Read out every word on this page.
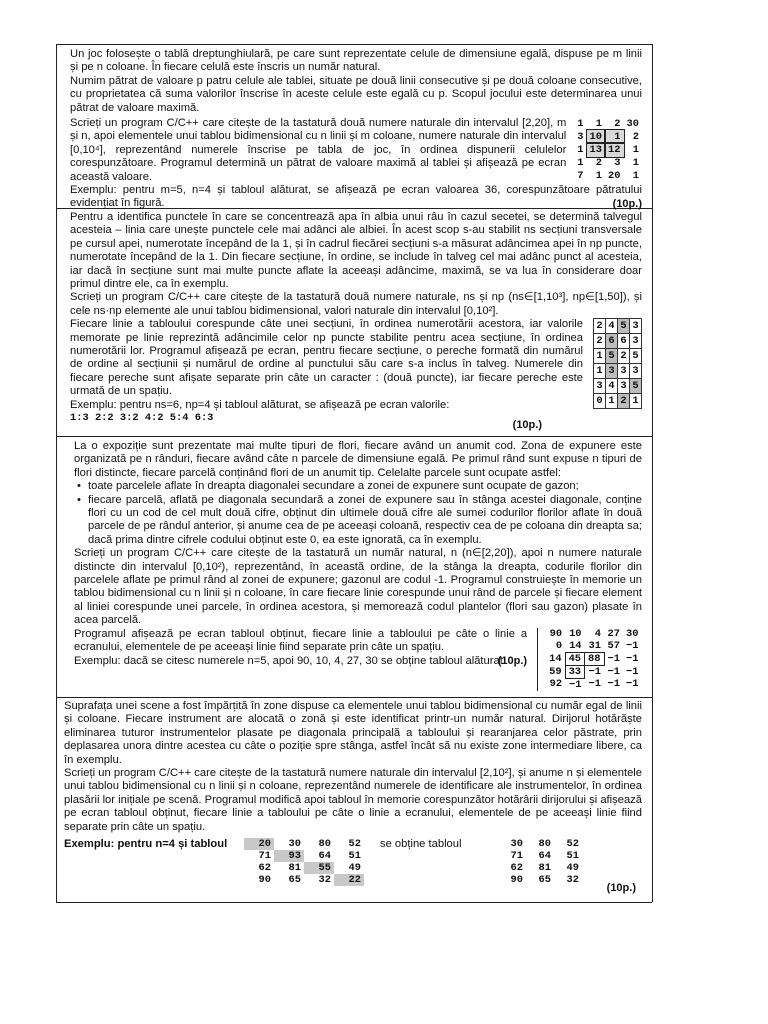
Un joc folosește o tablă dreptunghiulară, pe care sunt reprezentate celule de dimensiune egală, dispuse pe m linii și pe n coloane. În fiecare celulă este înscris un număr natural.

Numim pătrat de valoare p patru celule ale tablei, situate pe două linii consecutive și pe două coloane consecutive, cu proprietatea că suma valorilor înscrise în aceste celule este egală cu p. Scopul jocului este determinarea unui pătrat de valoare maximă.

Scrieți un program C/C++ care citește de la tastatură două numere naturale din intervalul [2,20], m și n, apoi elementele unui tablou bidimensional cu n linii și m coloane, numere naturale din intervalul [0,10⁴], reprezentând numerele înscrise pe tabla de joc, în ordinea dispunerii celulelor corespunzătoare. Programul determină un pătrat de valoare maximă al tablei și afișează pe ecran această valoare.

1	1	2	30
3	10	1	2
1	13	12	1
1	2	3	1
7	1	20	1

Exemplu: pentru m=5, n=4 și tabloul alăturat, se afișează pe ecran valoarea 36, corespunzătoare pătratului evidențiat în figură.	(10p.)

Pentru a identifica punctele în care se concentrează apa în albia unui râu în cazul secetei, se determină talvegul acesteia – linia care unește punctele cele mai adânci ale albiei. În acest scop s-au stabilit ns secțiuni transversale pe cursul apei, numerotate începând de la 1, și în cadrul fiecărei secțiuni s-a măsurat adâncimea apei în np puncte, numerotate începând de la 1. Din fiecare secțiune, în ordine, se include în talveg cel mai adânc punct al acesteia, iar dacă în secțiune sunt mai multe puncte aflate la aceeași adâncime, maximă, se va lua în considerare doar primul dintre ele, ca în exemplu.

Scrieți un program C/C++ care citește de la tastatură două numere naturale, ns și np (ns∈[1,10³], np∈[1,50]), și cele ns·np elemente ale unui tablou bidimensional, valori naturale din intervalul [0,10²].

Fiecare linie a tabloului corespunde câte unei secțiuni, în ordinea numerotării acestora, iar valorile memorate pe linie reprezintă adâncimile celor np puncte stabilite pentru acea secțiune, în ordinea numerotării lor. Programul afișează pe ecran, pentru fiecare secțiune, o pereche formată din numărul de ordine al secțiunii și numărul de ordine al punctului său care s-a inclus în talveg. Numerele din fiecare pereche sunt afișate separate prin câte un caracter : (două puncte), iar fiecare pereche este urmată de un spațiu.

Exemplu: pentru ns=6, np=4 și tabloul alăturat, se afișează pe ecran valorile:

1:3 2:2 3:2 4:2 5:4 6:3
2	4	5	3
2	6	6	3
1	5	2	5
1	3	3	3
3	4	3	5
0	1	2	1
(10p.)

La o expoziție sunt prezentate mai multe tipuri de flori, fiecare având un anumit cod. Zona de expunere este organizată pe n rânduri, fiecare având câte n parcele de dimensiune egală. Pe primul rând sunt expuse n tipuri de flori distincte, fiecare parcelă conținând flori de un anumit tip. Celelalte parcele sunt ocupate astfel:

• toate parcelele aflate în dreapta diagonalei secundare a zonei de expunere sunt ocupate de gazon;

• fiecare parcelă, aflată pe diagonala secundară a zonei de expunere sau în stânga acestei diagonale, conține flori cu un cod de cel mult două cifre, obținut din ultimele două cifre ale sumei codurilor florilor aflate în două parcele de pe rândul anterior, și anume cea de pe aceeași coloană, respectiv cea de pe coloana din dreapta sa; dacă prima dintre cifrele codului obținut este 0, ea este ignorată, ca în exemplu.

Scrieți un program C/C++ care citește de la tastatură un număr natural, n (n∈[2,20]), apoi n numere naturale distincte din intervalul [0,10²), reprezentând, în această ordine, de la stânga la dreapta, codurile florilor din parcelele aflate pe primul rând al zonei de expunere; gazonul are codul -1. Programul construiește în memorie un tablou bidimensional cu n linii și n coloane, în care fiecare linie corespunde unui rând de parcele și fiecare element al liniei corespunde unei parcele, în ordinea acestora, și memorează codul plantelor (flori sau gazon) plasate în acea parcelă.

Programul afișează pe ecran tabloul obținut, fiecare linie a tabloului pe câte o linie a ecranului, elementele de pe aceeași linie fiind separate prin câte un spațiu.

Exemplu: dacă se citesc numerele n=5, apoi 90, 10, 4, 27, 30 se obține tabloul alăturat.

(10p.)
90	10	4	27	30
0	14	31	57	−1
14	45	88	−1	−1
59	33	−1	−1	−1
92	−1	−1	−1	−1

Suprafața unei scene a fost împărțită în zone dispuse ca elementele unui tablou bidimensional cu număr egal de linii și coloane. Fiecare instrument are alocată o zonă și este identificat printr-un număr natural. Dirijorul hotărăște eliminarea tuturor instrumentelor plasate pe diagonala principală a tabloului și rearanjarea celor păstrate, prin deplasarea unora dintre acestea cu câte o poziție spre stânga, astfel încât să nu existe zone intermediare libere, ca în exemplu.

Scrieți un program C/C++ care citește de la tastatură numere naturale din intervalul [2,10²], și anume n și elementele unui tablou bidimensional cu n linii și n coloane, reprezentând numerele de identificare ale instrumentelor, în ordinea plasării lor inițiale pe scenă. Programul modifică apoi tabloul în memorie corespunzător hotărârii dirijorului și afișează pe ecran tabloul obținut, fiecare linie a tabloului pe câte o linie a ecranului, elementele de pe aceeași linie fiind separate prin câte un spațiu.

Exemplu: pentru n=4 și tabloul	20	30	80	52
71	93	64	51
62	81	55	49
90	65	32	22
se obține tabloul	30	80	52
71	64	51
62	81	49
90	65	32
(10p.)
